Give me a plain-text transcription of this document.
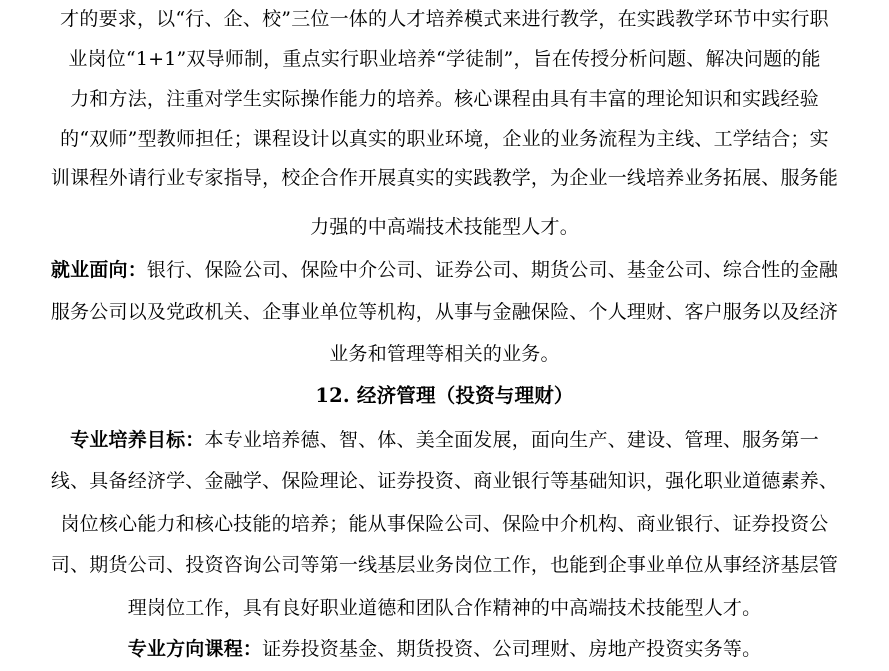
才的要求，以“行、企、校”三位一体的人才培养模式来进行教学，在实践教学环节中实行职
业岗位“1+1”双导师制，重点实行职业培养“学徒制”，旨在传授分析问题、解决问题的能
力和方法，注重对学生实际操作能力的培养。核心课程由具有丰富的理论知识和实践经验
的“双师”型教师担任；课程设计以真实的职业环境，企业的业务流程为主线、工学结合；实
训课程外请行业专家指导，校企合作开展真实的实践教学，为企业一线培养业务拓展、服务能
力强的中高端技术技能型人才。
就业面向：银行、保险公司、保险中介公司、证券公司、期货公司、基金公司、综合性的金融
服务公司以及党政机关、企事业单位等机构，从事与金融保险、个人理财、客户服务以及经济
业务和管理等相关的业务。
12. 经济管理（投资与理财）
专业培养目标：本专业培养德、智、体、美全面发展，面向生产、建设、管理、服务第一
线、具备经济学、金融学、保险理论、证券投资、商业银行等基础知识，强化职业道德素养、
岗位核心能力和核心技能的培养；能从事保险公司、保险中介机构、商业银行、证券投资公
司、期货公司、投资咨询公司等第一线基层业务岗位工作，也能到企事业单位从事经济基层管
理岗位工作，具有良好职业道德和团队合作精神的中高端技术技能型人才。
专业方向课程：证券投资基金、期货投资、公司理财、房地产投资实务等。
